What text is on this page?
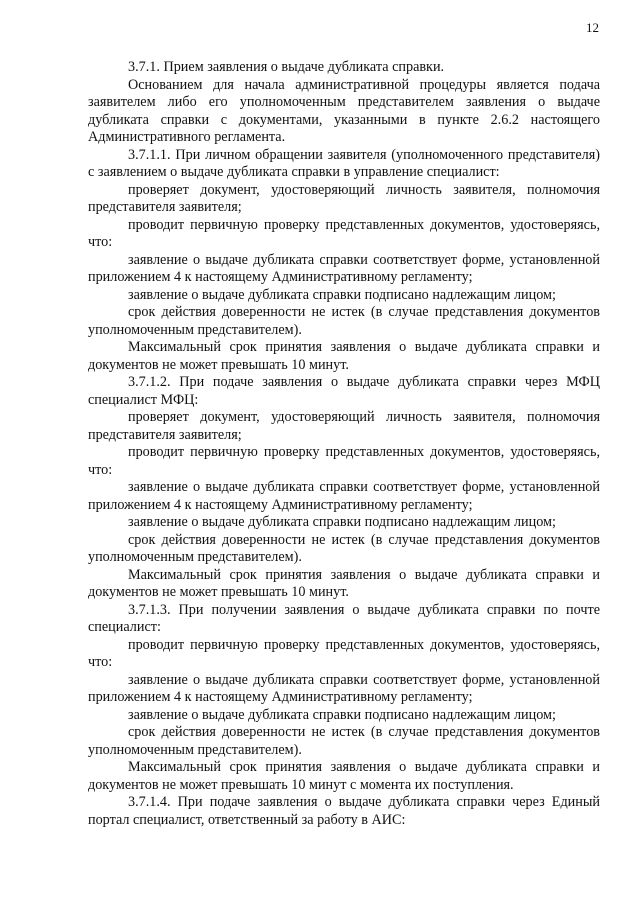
12

3.7.1. Прием заявления о выдаче дубликата справки.

Основанием для начала административной процедуры является подача заявителем либо его уполномоченным представителем заявления о выдаче дубликата справки с документами, указанными в пункте 2.6.2 настоящего Административного регламента.

3.7.1.1. При личном обращении заявителя (уполномоченного представителя) с заявлением о выдаче дубликата справки в управление специалист:

проверяет документ, удостоверяющий личность заявителя, полномочия представителя заявителя;

проводит первичную проверку представленных документов, удостоверяясь, что:

заявление о выдаче дубликата справки соответствует форме, установленной приложением 4 к настоящему Административному регламенту;

заявление о выдаче дубликата справки подписано надлежащим лицом;

срок действия доверенности не истек (в случае представления документов уполномоченным представителем).

Максимальный срок принятия заявления о выдаче дубликата справки и документов не может превышать 10 минут.

3.7.1.2. При подаче заявления о выдаче дубликата справки через МФЦ специалист МФЦ:

проверяет документ, удостоверяющий личность заявителя, полномочия представителя заявителя;

проводит первичную проверку представленных документов, удостоверяясь, что:

заявление о выдаче дубликата справки соответствует форме, установленной приложением 4 к настоящему Административному регламенту;

заявление о выдаче дубликата справки подписано надлежащим лицом;

срок действия доверенности не истек (в случае представления документов уполномоченным представителем).

Максимальный срок принятия заявления о выдаче дубликата справки и документов не может превышать 10 минут.

3.7.1.3. При получении заявления о выдаче дубликата справки по почте специалист:

проводит первичную проверку представленных документов, удостоверяясь, что:

заявление о выдаче дубликата справки соответствует форме, установленной приложением 4 к настоящему Административному регламенту;

заявление о выдаче дубликата справки подписано надлежащим лицом;

срок действия доверенности не истек (в случае представления документов уполномоченным представителем).

Максимальный срок принятия заявления о выдаче дубликата справки и документов не может превышать 10 минут с момента их поступления.

3.7.1.4. При подаче заявления о выдаче дубликата справки через Единый портал специалист, ответственный за работу в АИС:
